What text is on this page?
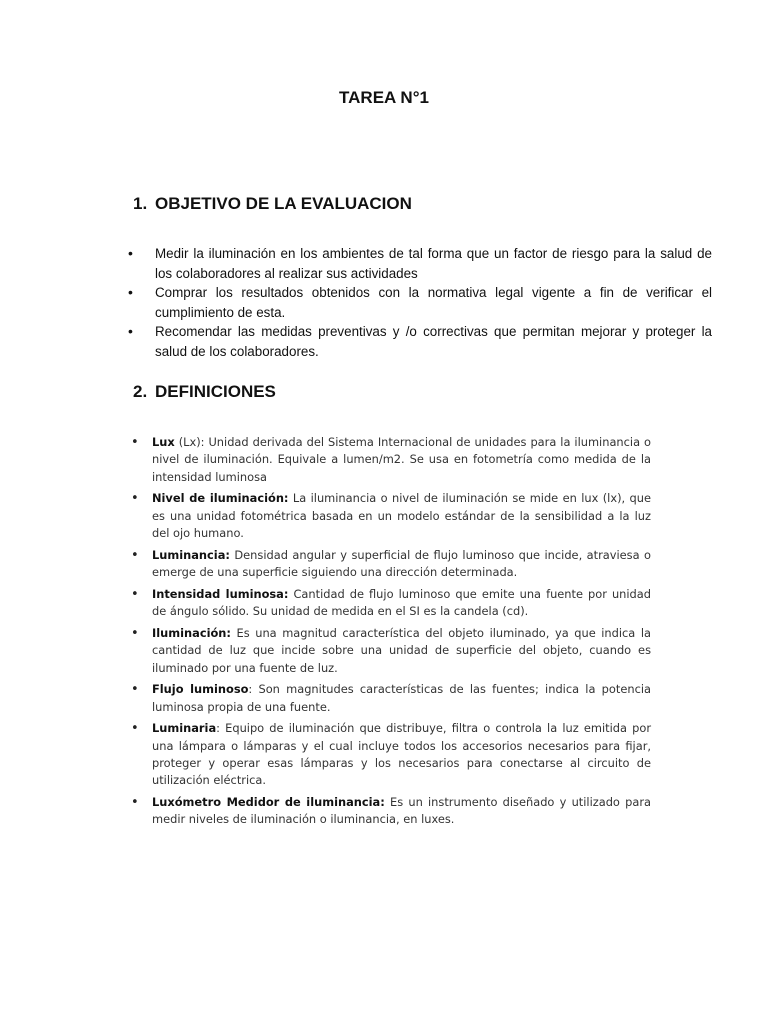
TAREA N°1
1. OBJETIVO DE LA EVALUACION
• Medir la iluminación en los ambientes de tal forma que un factor de riesgo para la salud de los colaboradores al realizar sus actividades
• Comprar los resultados obtenidos con la normativa legal vigente a fin de verificar el cumplimiento de esta.
• Recomendar las medidas preventivas y /o correctivas que permitan mejorar y proteger la salud de los colaboradores.
2. DEFINICIONES
• Lux (Lx): Unidad derivada del Sistema Internacional de unidades para la iluminancia o nivel de iluminación. Equivale a lumen/m2. Se usa en fotometría como medida de la intensidad luminosa
• Nivel de iluminación: La iluminancia o nivel de iluminación se mide en lux (lx), que es una unidad fotométrica basada en un modelo estándar de la sensibilidad a la luz del ojo humano.
• Luminancia: Densidad angular y superficial de flujo luminoso que incide, atraviesa o emerge de una superficie siguiendo una dirección determinada.
• Intensidad luminosa: Cantidad de flujo luminoso que emite una fuente por unidad de ángulo sólido. Su unidad de medida en el SI es la candela (cd).
• Iluminación: Es una magnitud característica del objeto iluminado, ya que indica la cantidad de luz que incide sobre una unidad de superficie del objeto, cuando es iluminado por una fuente de luz.
• Flujo luminoso: Son magnitudes características de las fuentes; indica la potencia luminosa propia de una fuente.
• Luminaria: Equipo de iluminación que distribuye, filtra o controla la luz emitida por una lámpara o lámparas y el cual incluye todos los accesorios necesarios para fijar, proteger y operar esas lámparas y los necesarios para conectarse al circuito de utilización eléctrica.
• Luxómetro Medidor de iluminancia: Es un instrumento diseñado y utilizado para medir niveles de iluminación o iluminancia, en luxes.
